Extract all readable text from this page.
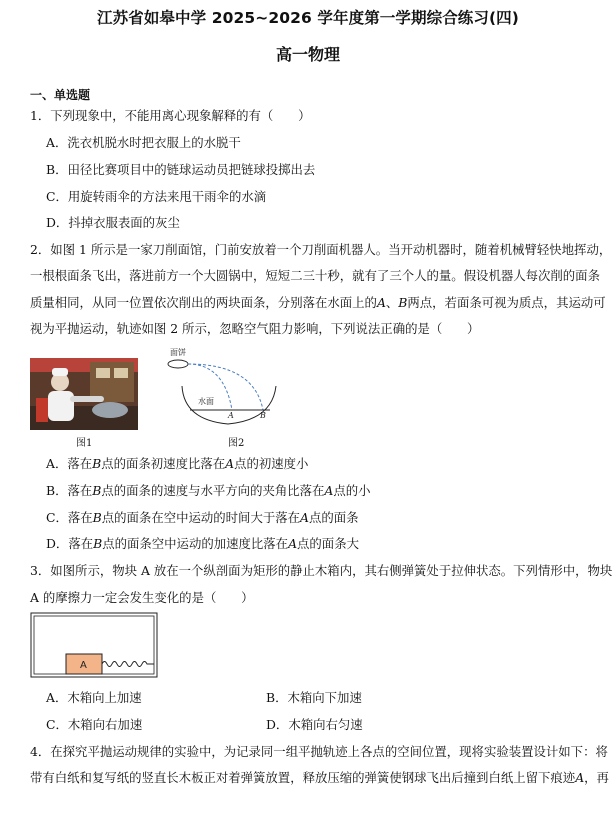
江苏省如皋中学 2025~2026 学年度第一学期综合练习(四)
高一物理
一、单选题
1．下列现象中，不能用离心现象解释的有（　　）
A．洗衣机脱水时把衣服上的水脱干
B．田径比赛项目中的链球运动员把链球投掷出去
C．用旋转雨伞的方法来甩干雨伞的水滴
D．抖掉衣服表面的灰尘
2．如图 1 所示是一家刀削面馆，门前安放着一个刀削面机器人。当开动机器时，随着机械臂轻快地挥动，
一根根面条飞出，落进前方一个大圆锅中，短短二三十秒，就有了三个人的量。假设机器人每次削的面条
质量相同，从同一位置依次削出的两块面条，分别落在水面上的A、B两点，若面条可视为质点，其运动可
视为平抛运动，轨迹如图 2 所示，忽略空气阻力影响，下列说法正确的是（　　）
图1
面饼
水面
A	B
图2
A．落在B点的面条初速度比落在A点的初速度小
B．落在B点的面条的速度与水平方向的夹角比落在A点的小
C．落在B点的面条在空中运动的时间大于落在A点的面条
D．落在B点的面条空中运动的加速度比落在A点的面条大
3．如图所示，物块 A 放在一个纵剖面为矩形的静止木箱内，其右侧弹簧处于拉伸状态。下列情形中，物块
A 的摩擦力一定会发生变化的是（　　）
A
A．木箱向上加速	B．木箱向下加速
C．木箱向右加速	D．木箱向右匀速
4．在探究平抛运动规律的实验中，为记录同一组平抛轨迹上各点的空间位置，现将实验装置设计如下：将
带有白纸和复写纸的竖直长木板正对着弹簧放置，释放压缩的弹簧使钢球飞出后撞到白纸上留下痕迹A，再
